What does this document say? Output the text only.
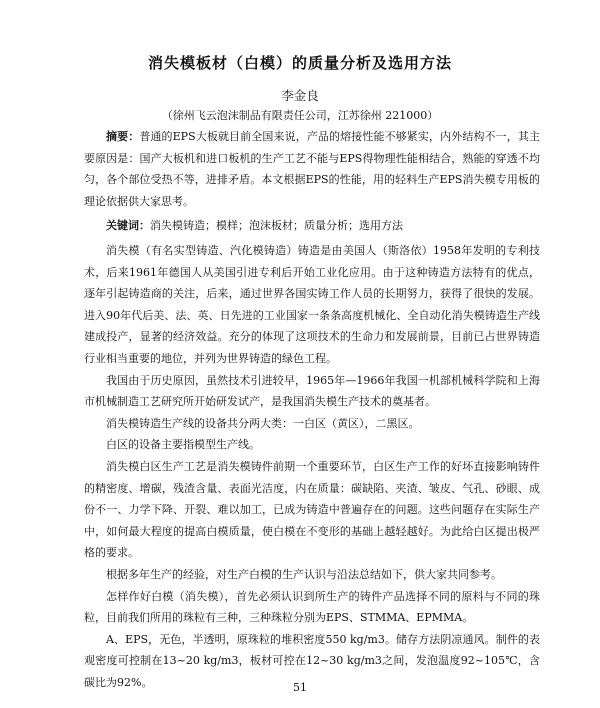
消失模板材（白模）的质量分析及选用方法
李金良
（徐州飞云泡沫制品有限责任公司，江苏徐州 221000）

摘要：普通的EPS大板就目前全国来说，产品的熔接性能不够紧实，内外结构不一，其主要原因是：国产大板机和进口板机的生产工艺不能与EPS得物理性能相结合，熟能的穿透不均匀，各个部位受热不等，进排矛盾。本文根据EPS的性能，用的轻料生产EPS消失模专用板的理论依据供大家思考。

关键词：消失模铸造；模样；泡沫板材；质量分析；选用方法

消失模（有名实型铸造、汽化模铸造）铸造是由美国人（斯洛依）1958年发明的专利技术，后来1961年德国人从美国引进专利后开始工业化应用。由于这种铸造方法特有的优点，逐年引起铸造商的关注，后来，通过世界各国实铸工作人员的长期努力，获得了很快的发展。进入90年代后美、法、英、日先进的工业国家一条条高度机械化、全自动化消失模铸造生产线建成投产，显著的经济效益。充分的体现了这项技术的生命力和发展前景，目前已占世界铸造行业相当重要的地位，并列为世界铸造的绿色工程。

我国由于历史原因，虽然技术引进较早，1965年—1966年我国一机部机械科学院和上海市机械制造工艺研究所开始研发试产，是我国消失模生产技术的奠基者。

消失模铸造生产线的设备共分两大类：一白区（黄区），二黑区。

白区的设备主要指模型生产线。

消失模白区生产工艺是消失模铸件前期一个重要环节，白区生产工作的好坏直接影响铸件的精密度、增碳，残渣含量、表面光洁度，内在质量：碳缺陷、夹渣、皱皮、气孔、砂眼、成份不一、力学下降、开裂、难以加工，已成为铸造中普遍存在的问题。这些问题存在实际生产中，如何最大程度的提高白模质量，使白模在不变形的基础上越轻越好。为此给白区提出极严格的要求。

根据多年生产的经验，对生产白模的生产认识与沿法总结如下，供大家共同参考。

怎样作好白模（消失模），首先必须认识到所生产的铸件产品选择不同的原料与不同的珠粒，目前我们所用的珠粒有三种，三种珠粒分别为EPS、STMMA、EPMMA。

A、EPS，无色，半透明，原珠粒的堆积密度550 kg/m3。储存方法阴凉通风。制件的表观密度可控制在13~20 kg/m3，板材可控在12~30 kg/m3之间，发泡温度92~105℃，含碳比为92%。	51
